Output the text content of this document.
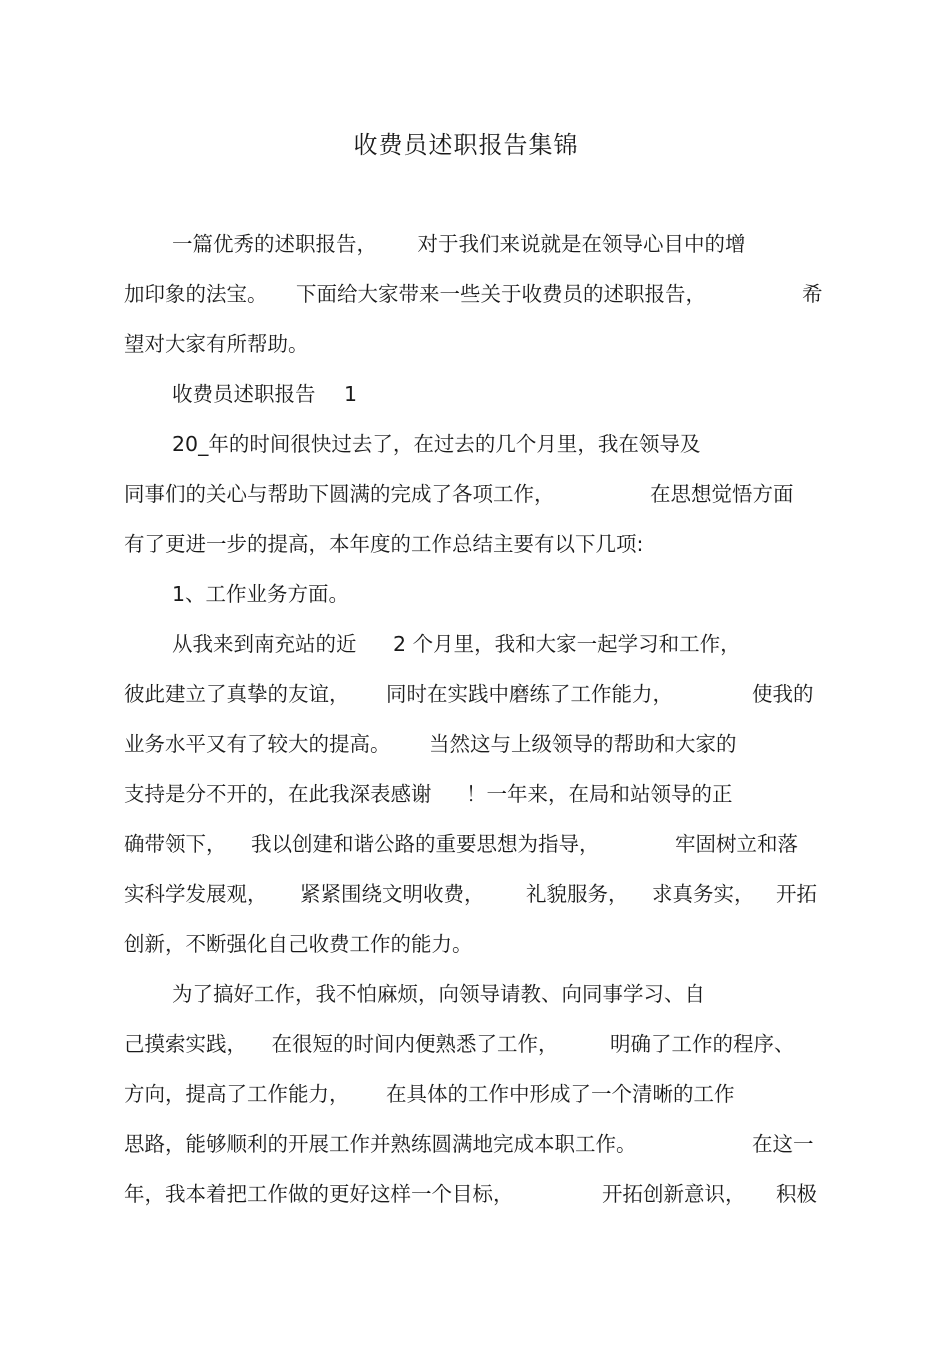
收费员述职报告集锦
一篇优秀的述职报告， 对于我们来说就是在领导心目中的增
加印象的法宝。 下面给大家带来一些关于收费员的述职报告，	希
望对大家有所帮助。
收费员述职报告 1
20_年的时间很快过去了，在过去的几个月里，我在领导及
同事们的关心与帮助下圆满的完成了各项工作，	在思想觉悟方面
有了更进一步的提高，本年度的工作总结主要有以下几项:
1、工作业务方面。
从我来到南充站的近 2 个月里，我和大家一起学习和工作，
彼此建立了真挚的友谊， 同时在实践中磨练了工作能力，	使我的
业务水平又有了较大的提高。 当然这与上级领导的帮助和大家的
支持是分不开的，在此我深表感谢 ！一年来，在局和站领导的正
确带领下， 我以创建和谐公路的重要思想为指导，	牢固树立和落
实科学发展观， 紧紧围绕文明收费， 礼貌服务， 求真务实， 开拓
创新，不断强化自己收费工作的能力。
为了搞好工作，我不怕麻烦，向领导请教、向同事学习、自
己摸索实践， 在很短的时间内便熟悉了工作，	明确了工作的程序、
方向，提高了工作能力， 在具体的工作中形成了一个清晰的工作
思路，能够顺利的开展工作并熟练圆满地完成本职工作。	在这一
年，我本着把工作做的更好这样一个目标，	开拓创新意识， 积极
